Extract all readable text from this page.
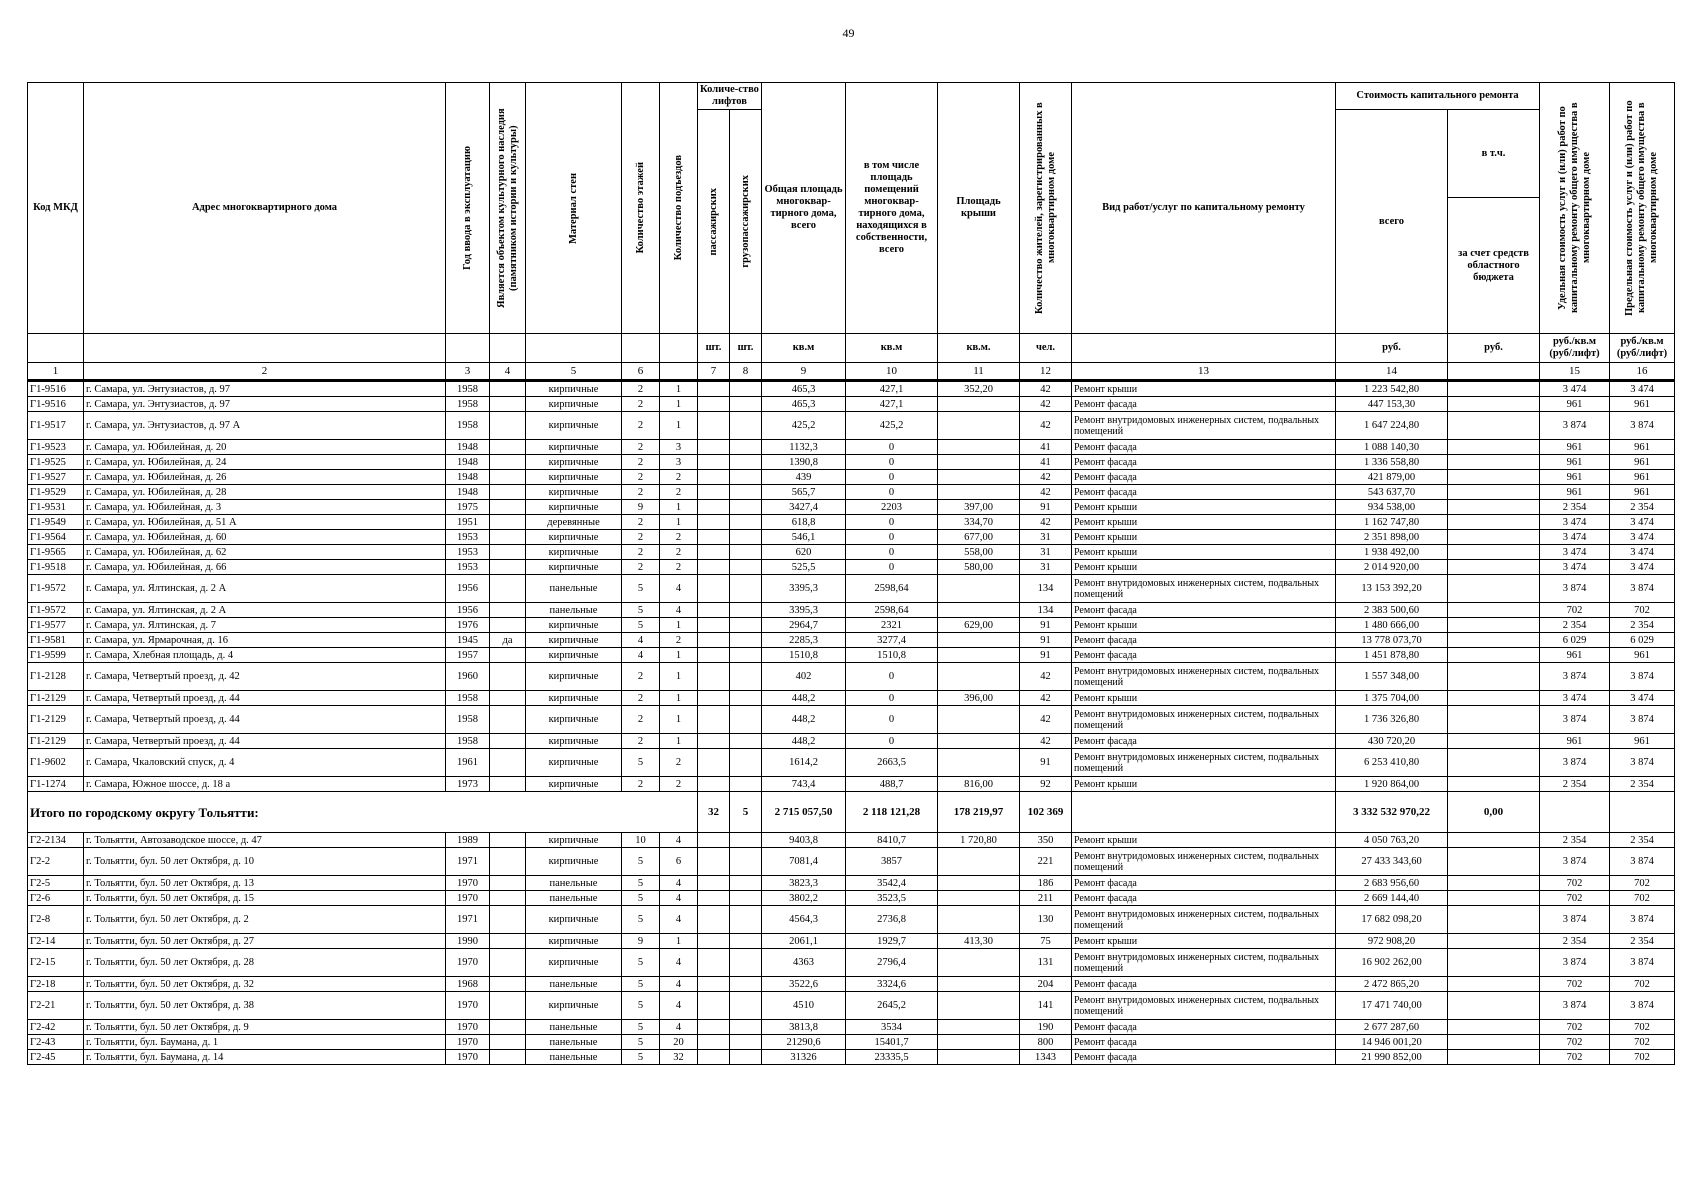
49
Код МКД	Адрес многоквартирного дома	Год ввода в эксплуатацию	Является объектом культурного наследия (памятником истории и культуры)	Материал стен	Количество этажей	Количество подъездов	Количе-ство лифтов		Общая площадь многоквар-тирного дома, всего	в том числе площадь помещений многоквар-тирного дома, находящихся в собственности, всего	Площадь крыши	Количество жителей, зарегистрированных в многоквартирном доме	Вид работ/услуг по капитальному ремонту	Стоимость капитального ремонта		Удельная стоимость услуг и (или) работ по капитальному ремонту общего имущества в многоквартирном доме	Предельная стоимость услуг и (или) работ по капитальному ремонту общего имущества в многоквартирном доме

							пассажирских	грузопассажирских						всего	в т.ч.		
															за счет средств областного бюджета		
							шт.	шт.	кв.м	кв.м	кв.м.	чел.		руб.	руб.	руб./кв.м (руб/лифт)	руб./кв.м (руб/лифт)
1	2	3	4	5	6		7	8	9	10	11	12	13	14		15	16
Г1-9516	г. Самара, ул. Энтузиастов, д. 97	1958		кирпичные	2	1			465,3	427,1	352,20	42	Ремонт крыши	1 223 542,80		3 474	3 474
Г1-9516	г. Самара, ул. Энтузиастов, д. 97	1958		кирпичные	2	1			465,3	427,1		42	Ремонт фасада	447 153,30		961	961
Г1-9517	г. Самара, ул. Энтузиастов, д. 97 А	1958		кирпичные	2	1			425,2	425,2		42	Ремонт внутридомовых инженерных систем, подвальных помещений	1 647 224,80		3 874	3 874
Г1-9523	г. Самара, ул. Юбилейная, д. 20	1948		кирпичные	2	3			1132,3	0		41	Ремонт фасада	1 088 140,30		961	961
Г1-9525	г. Самара, ул. Юбилейная, д. 24	1948		кирпичные	2	3			1390,8	0		41	Ремонт фасада	1 336 558,80		961	961
Г1-9527	г. Самара, ул. Юбилейная, д. 26	1948		кирпичные	2	2			439	0		42	Ремонт фасада	421 879,00		961	961
Г1-9529	г. Самара, ул. Юбилейная, д. 28	1948		кирпичные	2	2			565,7	0		42	Ремонт фасада	543 637,70		961	961
Г1-9531	г. Самара, ул. Юбилейная, д. 3	1975		кирпичные	9	1			3427,4	2203	397,00	91	Ремонт крыши	934 538,00		2 354	2 354
Г1-9549	г. Самара, ул. Юбилейная, д. 51 А	1951		деревянные	2	1			618,8	0	334,70	42	Ремонт крыши	1 162 747,80		3 474	3 474
Г1-9564	г. Самара, ул. Юбилейная, д. 60	1953		кирпичные	2	2			546,1	0	677,00	31	Ремонт крыши	2 351 898,00		3 474	3 474
Г1-9565	г. Самара, ул. Юбилейная, д. 62	1953		кирпичные	2	2			620	0	558,00	31	Ремонт крыши	1 938 492,00		3 474	3 474
Г1-9518	г. Самара, ул. Юбилейная, д. 66	1953		кирпичные	2	2			525,5	0	580,00	31	Ремонт крыши	2 014 920,00		3 474	3 474
Г1-9572	г. Самара, ул. Ялтинская, д. 2 А	1956		панельные	5	4			3395,3	2598,64		134	Ремонт внутридомовых инженерных систем, подвальных помещений	13 153 392,20		3 874	3 874
Г1-9572	г. Самара, ул. Ялтинская, д. 2 А	1956		панельные	5	4			3395,3	2598,64		134	Ремонт фасада	2 383 500,60		702	702
Г1-9577	г. Самара, ул. Ялтинская, д. 7	1976		кирпичные	5	1			2964,7	2321	629,00	91	Ремонт крыши	1 480 666,00		2 354	2 354
Г1-9581	г. Самара, ул. Ярмарочная, д. 16	1945	да	кирпичные	4	2			2285,3	3277,4		91	Ремонт фасада	13 778 073,70		6 029	6 029
Г1-9599	г. Самара, Хлебная площадь, д. 4	1957		кирпичные	4	1			1510,8	1510,8		91	Ремонт фасада	1 451 878,80		961	961
Г1-2128	г. Самара, Четвертый проезд, д. 42	1960		кирпичные	2	1			402	0		42	Ремонт внутридомовых инженерных систем, подвальных помещений	1 557 348,00		3 874	3 874
Г1-2129	г. Самара, Четвертый проезд, д. 44	1958		кирпичные	2	1			448,2	0	396,00	42	Ремонт крыши	1 375 704,00		3 474	3 474
Г1-2129	г. Самара, Четвертый проезд, д. 44	1958		кирпичные	2	1			448,2	0		42	Ремонт внутридомовых инженерных систем, подвальных помещений	1 736 326,80		3 874	3 874
Г1-2129	г. Самара, Четвертый проезд, д. 44	1958		кирпичные	2	1			448,2	0		42	Ремонт фасада	430 720,20		961	961
Г1-9602	г. Самара, Чкаловский спуск, д. 4	1961		кирпичные	5	2			1614,2	2663,5		91	Ремонт внутридомовых инженерных систем, подвальных помещений	6 253 410,80		3 874	3 874
Г1-1274	г. Самара, Южное шоссе, д. 18 а	1973		кирпичные	2	2			743,4	488,7	816,00	92	Ремонт крыши	1 920 864,00		2 354	2 354
Итого по городскому округу Тольятти:							32	5	2 715 057,50	2 118 121,28	178 219,97	102 369		3 332 532 970,22	0,00		
Г2-2134	г. Тольятти, Автозаводское шоссе, д. 47	1989		кирпичные	10	4			9403,8	8410,7	1 720,80	350	Ремонт крыши	4 050 763,20		2 354	2 354
Г2-2	г. Тольятти, бул. 50 лет Октября, д. 10	1971		кирпичные	5	6			7081,4	3857		221	Ремонт внутридомовых инженерных систем, подвальных помещений	27 433 343,60		3 874	3 874
Г2-5	г. Тольятти, бул. 50 лет Октября, д. 13	1970		панельные	5	4			3823,3	3542,4		186	Ремонт фасада	2 683 956,60		702	702
Г2-6	г. Тольятти, бул. 50 лет Октября, д. 15	1970		панельные	5	4			3802,2	3523,5		211	Ремонт фасада	2 669 144,40		702	702
Г2-8	г. Тольятти, бул. 50 лет Октября, д. 2	1971		кирпичные	5	4			4564,3	2736,8		130	Ремонт внутридомовых инженерных систем, подвальных помещений	17 682 098,20		3 874	3 874
Г2-14	г. Тольятти, бул. 50 лет Октября, д. 27	1990		кирпичные	9	1			2061,1	1929,7	413,30	75	Ремонт крыши	972 908,20		2 354	2 354
Г2-15	г. Тольятти, бул. 50 лет Октября, д. 28	1970		кирпичные	5	4			4363	2796,4		131	Ремонт внутридомовых инженерных систем, подвальных помещений	16 902 262,00		3 874	3 874
Г2-18	г. Тольятти, бул. 50 лет Октября, д. 32	1968		панельные	5	4			3522,6	3324,6		204	Ремонт фасада	2 472 865,20		702	702
Г2-21	г. Тольятти, бул. 50 лет Октября, д. 38	1970		кирпичные	5	4			4510	2645,2		141	Ремонт внутридомовых инженерных систем, подвальных помещений	17 471 740,00		3 874	3 874
Г2-42	г. Тольятти, бул. 50 лет Октября, д. 9	1970		панельные	5	4			3813,8	3534		190	Ремонт фасада	2 677 287,60		702	702
Г2-43	г. Тольятти, бул. Баумана, д. 1	1970		панельные	5	20			21290,6	15401,7		800	Ремонт фасада	14 946 001,20		702	702
Г2-45	г. Тольятти, бул. Баумана, д. 14	1970		панельные	5	32			31326	23335,5		1343	Ремонт фасада	21 990 852,00		702	702
